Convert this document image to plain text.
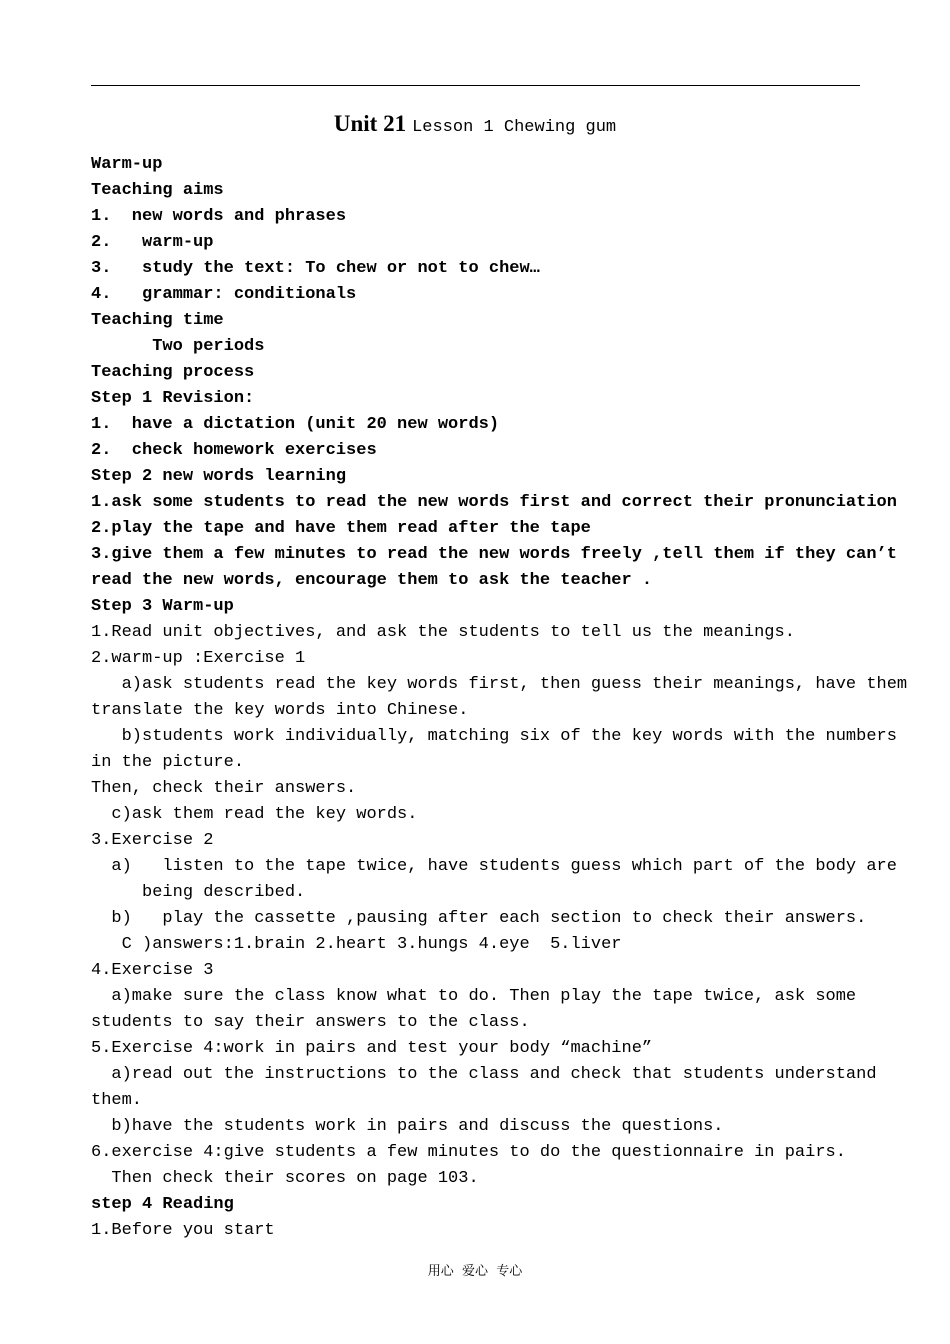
Unit 21 Lesson 1 Chewing gum
Warm-up
Teaching aims
1.  new words and phrases
2.   warm-up
3.   study the text: To chew or not to chew…
4.   grammar: conditionals
Teaching time
Two periods
Teaching process
Step 1 Revision:
1.  have a dictation (unit 20 new words)
2.  check homework exercises
Step 2 new words learning
1.ask some students to read the new words first and correct their pronunciation
2.play the tape and have them read after the tape
3.give them a few minutes to read the new words freely ,tell them if they can’t
read the new words, encourage them to ask the teacher .
Step 3 Warm-up
1.Read unit objectives, and ask the students to tell us the meanings.
2.warm-up :Exercise 1
a)ask students read the key words first, then guess their meanings, have them
translate the key words into Chinese.
b)students work individually, matching six of the key words with the numbers
in the picture.
Then, check their answers.
c)ask them read the key words.
3.Exercise 2
a)   listen to the tape twice, have students guess which part of the body are
being described.
b)   play the cassette ,pausing after each section to check their answers.
C )answers:1.brain 2.heart 3.hungs 4.eye  5.liver
4.Exercise 3
a)make sure the class know what to do. Then play the tape twice, ask some
students to say their answers to the class.
5.Exercise 4:work in pairs and test your body “machine”
a)read out the instructions to the class and check that students understand
them.
b)have the students work in pairs and discuss the questions.
6.exercise 4:give students a few minutes to do the questionnaire in pairs.
Then check their scores on page 103.
step 4 Reading
1.Before you start
用心  爱心  专心
